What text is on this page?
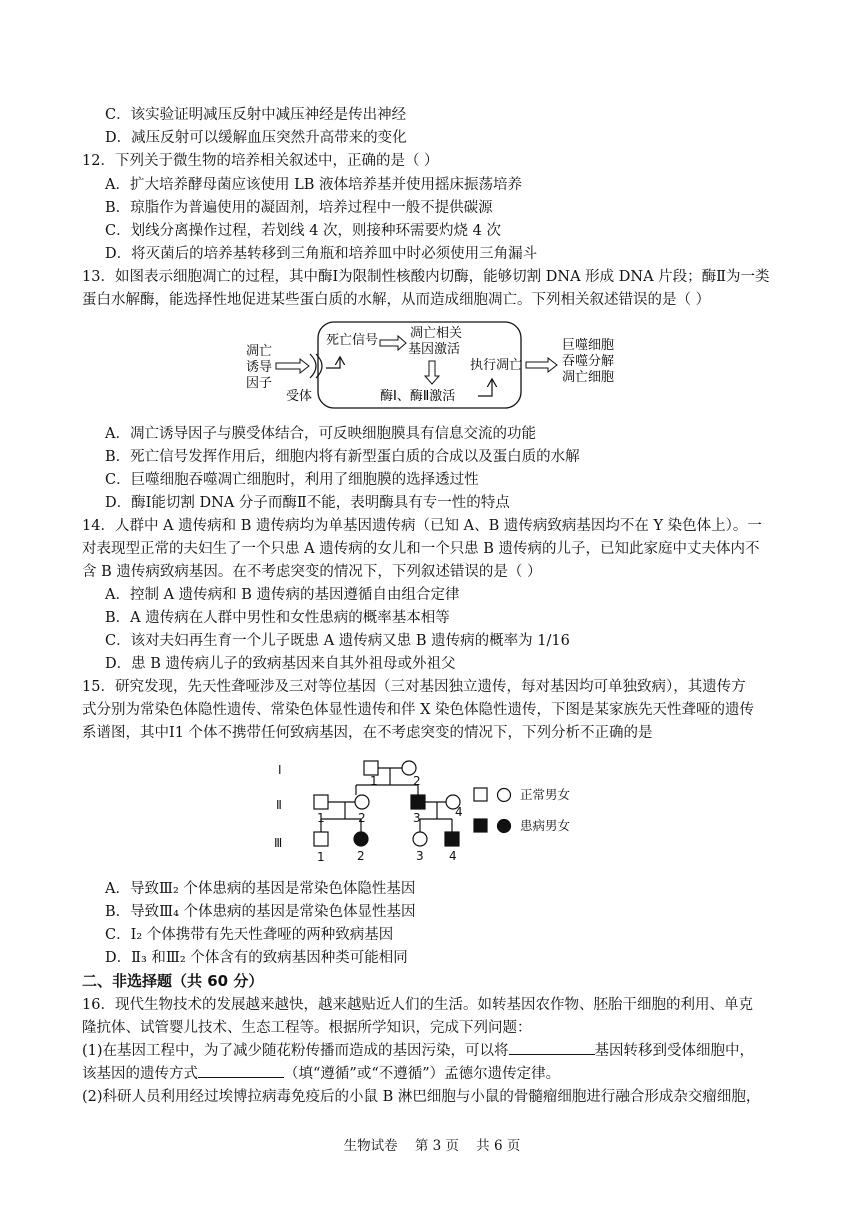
C．该实验证明减压反射中减压神经是传出神经
D．减压反射可以缓解血压突然升高带来的变化
12．下列关于微生物的培养相关叙述中，正确的是（ ）
A．扩大培养酵母菌应该使用 LB 液体培养基并使用摇床振荡培养
B．琼脂作为普遍使用的凝固剂，培养过程中一般不提供碳源
C．划线分离操作过程，若划线 4 次，则接种环需要灼烧 4 次
D．将灭菌后的培养基转移到三角瓶和培养皿中时必须使用三角漏斗
13．如图表示细胞凋亡的过程，其中酶Ⅰ为限制性核酸内切酶，能够切割 DNA 形成 DNA 片段；酶Ⅱ为一类
蛋白水解酶，能选择性地促进某些蛋白质的水解，从而造成细胞凋亡。下列相关叙述错误的是（ ）
凋亡
诱导
因子
受体
死亡信号 凋亡相关
基因激活
酶Ⅰ、酶Ⅱ激活
执行凋亡
巨噬细胞
吞噬分解
凋亡细胞
A．凋亡诱导因子与膜受体结合，可反映细胞膜具有信息交流的功能
B．死亡信号发挥作用后，细胞内将有新型蛋白质的合成以及蛋白质的水解
C．巨噬细胞吞噬凋亡细胞时，利用了细胞膜的选择透过性
D．酶Ⅰ能切割 DNA 分子而酶Ⅱ不能，表明酶具有专一性的特点
14．人群中 A 遗传病和 B 遗传病均为单基因遗传病（已知 A、B 遗传病致病基因均不在 Y 染色体上）。一
对表现型正常的夫妇生了一个只患 A 遗传病的女儿和一个只患 B 遗传病的儿子，已知此家庭中丈夫体内不
含 B 遗传病致病基因。在不考虑突变的情况下，下列叙述错误的是（ ）
A．控制 A 遗传病和 B 遗传病的基因遵循自由组合定律
B．A 遗传病在人群中男性和女性患病的概率基本相等
C．该对夫妇再生育一个儿子既患 A 遗传病又患 B 遗传病的概率为 1/16
D．患 B 遗传病儿子的致病基因来自其外祖母或外祖父
15．研究发现，先天性聋哑涉及三对等位基因（三对基因独立遗传，每对基因均可单独致病），其遗传方
式分别为常染色体隐性遗传、常染色体显性遗传和伴 X 染色体隐性遗传，下图是某家族先天性聋哑的遗传
系谱图，其中Ⅰ1 个体不携带任何致病基因，在不考虑突变的情况下，下列分析不正确的是
I
Ⅱ
Ⅲ
1	2
1	2	3	4
1	2	3 4
正常男女
患病男女
A．导致Ⅲ₂ 个体患病的基因是常染色体隐性基因
B．导致Ⅲ₄ 个体患病的基因是常染色体显性基因
C．I₂ 个体携带有先天性聋哑的两种致病基因
D．Ⅱ₃ 和Ⅲ₂ 个体含有的致病基因种类可能相同
二、非选择题（共 60 分）
16．现代生物技术的发展越来越快，越来越贴近人们的生活。如转基因农作物、胚胎干细胞的利用、单克
隆抗体、试管婴儿技术、生态工程等。根据所学知识，完成下列问题：
(1)在基因工程中，为了减少随花粉传播而造成的基因污染，可以将	基因转移到受体细胞中，
该基因的遗传方式	（填“遵循”或“不遵循”）孟德尔遗传定律。
(2)科研人员利用经过埃博拉病毒免疫后的小鼠 B 淋巴细胞与小鼠的骨髓瘤细胞进行融合形成杂交瘤细胞，
生物试卷    第 3 页    共 6 页
